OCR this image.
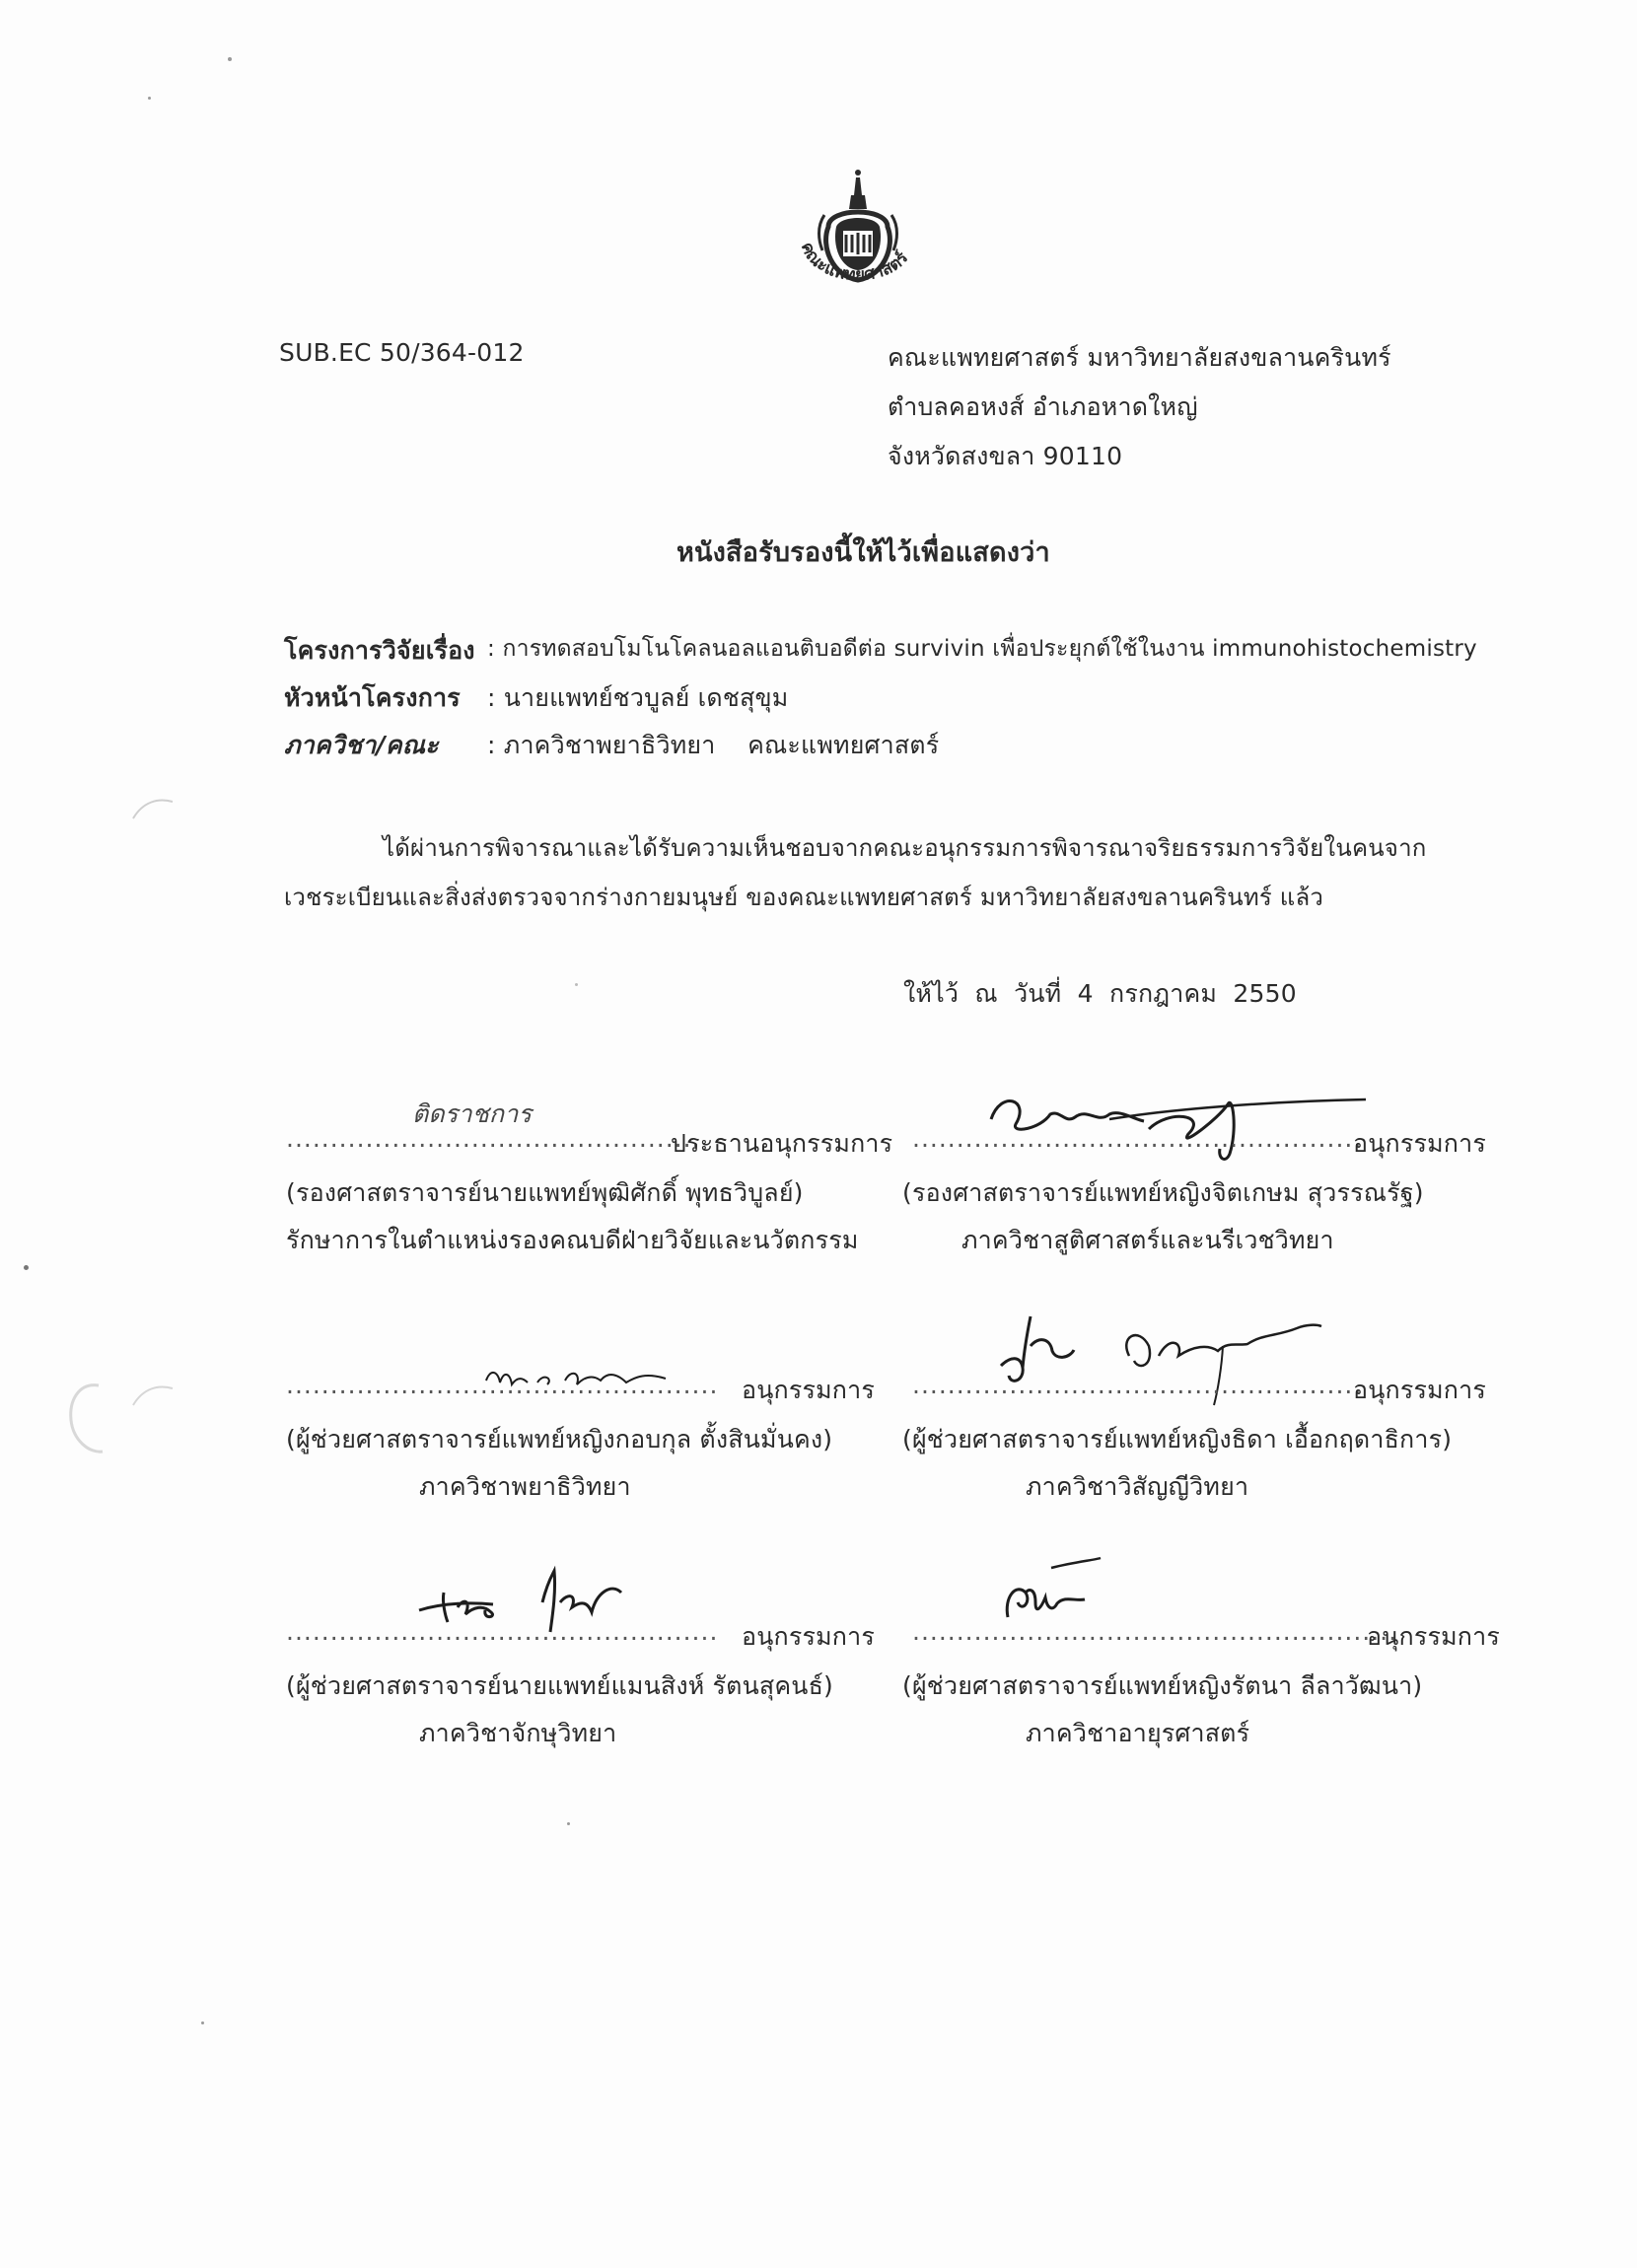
คณะแพทยศาสตร์
SUB.EC 50/364-012	คณะแพทยศาสตร์ มหาวิทยาลัยสงขลานครินทร์
ตำบลคอหงส์ อำเภอหาดใหญ่
จังหวัดสงขลา 90110
หนังสือรับรองนี้ให้ไว้เพื่อแสดงว่า
โครงการวิจัยเรื่อง : การทดสอบโมโนโคลนอลแอนติบอดีต่อ survivin เพื่อประยุกต์ใช้ในงาน immunohistochemistry
หัวหน้าโครงการ : นายแพทย์ชวบูลย์ เดชสุขุม
ภาควิชา/คณะ : ภาควิชาพยาธิวิทยา    คณะแพทยศาสตร์
ได้ผ่านการพิจารณาและได้รับความเห็นชอบจากคณะอนุกรรมการพิจารณาจริยธรรมการวิจัยในคนจาก
เวชระเบียนและสิ่งส่งตรวจจากร่างกายมนุษย์ ของคณะแพทยศาสตร์ มหาวิทยาลัยสงขลานครินทร์ แล้ว
ให้ไว้  ณ  วันที่  4  กรกฎาคม  2550
ติดราชการ
...............................................
ประธานอนุกรรมการ
(รองศาสตราจารย์นายแพทย์พุฒิศักดิ์ พุทธวิบูลย์)
รักษาการในตำแหน่งรองคณบดีฝ่ายวิจัยและนวัตกรรม
...................................................
อนุกรรมการ
(รองศาสตราจารย์แพทย์หญิงจิตเกษม สุวรรณรัฐ)
ภาควิชาสูติศาสตร์และนรีเวชวิทยา
................................................. อนุกรรมการ
(ผู้ช่วยศาสตราจารย์แพทย์หญิงกอบกุล ตั้งสินมั่นคง)
ภาควิชาพยาธิวิทยา
...................................................
อนุกรรมการ
(ผู้ช่วยศาสตราจารย์แพทย์หญิงธิดา เอื้อกฤดาธิการ)
ภาควิชาวิสัญญีวิทยา
................................................. อนุกรรมการ
(ผู้ช่วยศาสตราจารย์นายแพทย์แมนสิงห์ รัตนสุคนธ์)
ภาควิชาจักษุวิทยา
.......................................................
อนุกรรมการ
(ผู้ช่วยศาสตราจารย์แพทย์หญิงรัตนา ลีลาวัฒนา)
ภาควิชาอายุรศาสตร์
